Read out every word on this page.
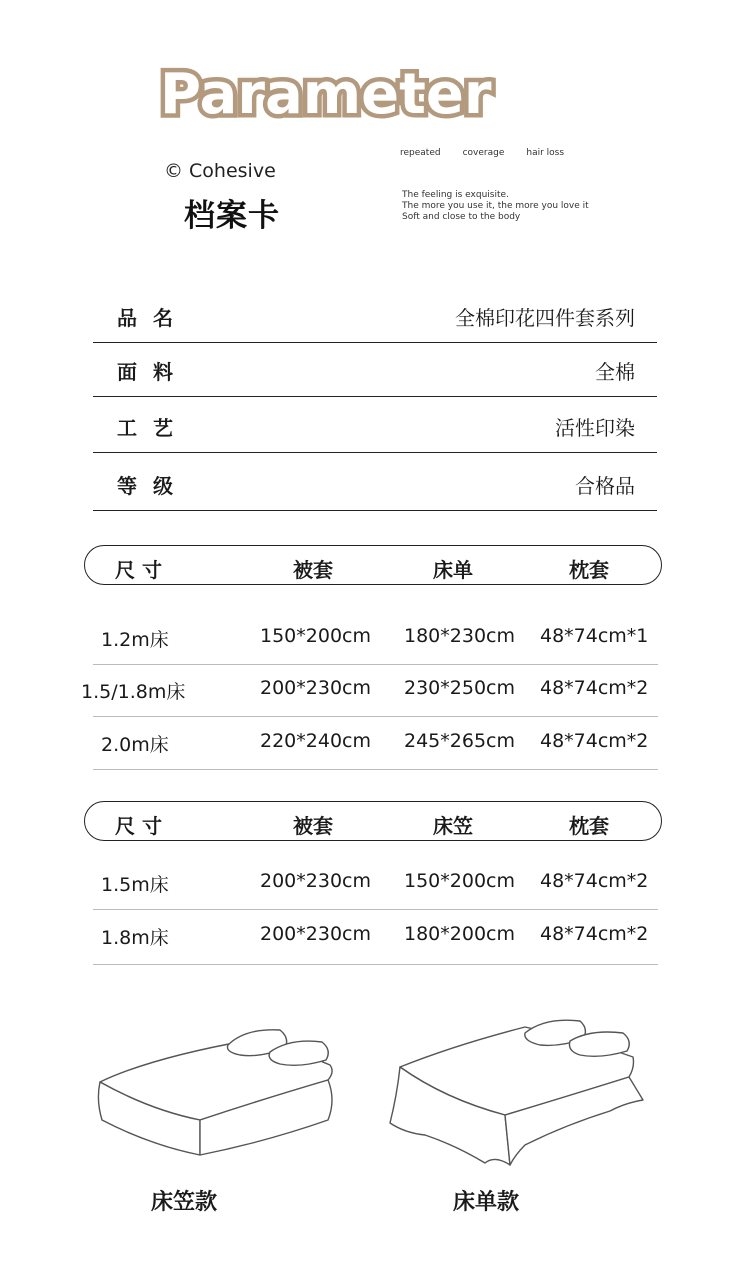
Parameter
© Cohesive
档案卡
repeated coverage hair loss
The feeling is exquisite.
The more you use it, the more you love it
Soft and close to the body
品名	全棉印花四件套系列
面料	全棉
工艺	活性印染
等级	合格品
尺 寸	被套	床单	枕套
1.2m床	150*200cm 180*230cm 48*74cm*1
1.5/1.8m床	200*230cm 230*250cm 48*74cm*2
2.0m床	220*240cm 245*265cm 48*74cm*2
尺 寸	被套	床笠	枕套
1.5m床	200*230cm 150*200cm 48*74cm*2
1.8m床	200*230cm 180*200cm 48*74cm*2
床笠款	床单款
